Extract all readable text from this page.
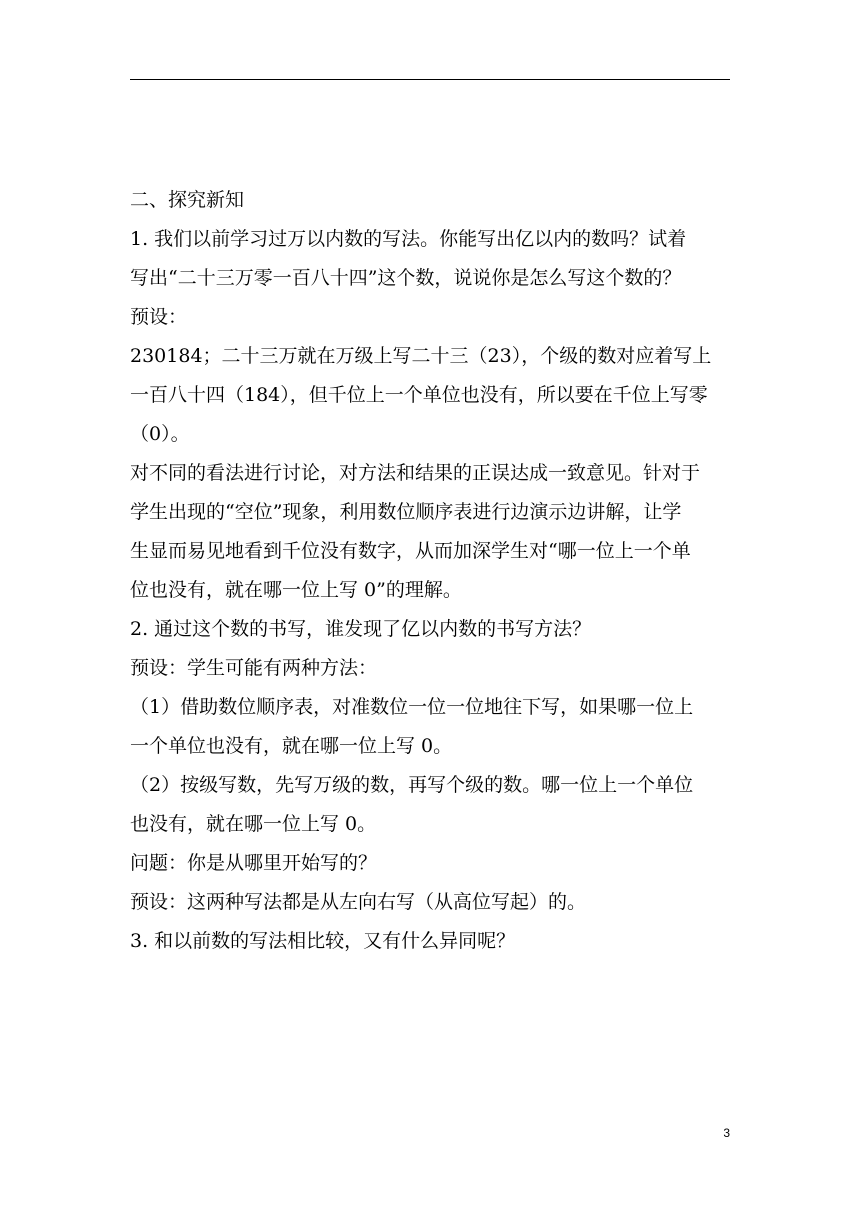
二、探究新知
1. 我们以前学习过万以内数的写法。你能写出亿以内的数吗？试着
写出“二十三万零一百八十四”这个数，说说你是怎么写这个数的？
预设：
230184；二十三万就在万级上写二十三（23），个级的数对应着写上
一百八十四（184），但千位上一个单位也没有，所以要在千位上写零
（0）。
对不同的看法进行讨论，对方法和结果的正误达成一致意见。针对于
学生出现的“空位”现象，利用数位顺序表进行边演示边讲解，让学
生显而易见地看到千位没有数字，从而加深学生对“哪一位上一个单
位也没有，就在哪一位上写 0”的理解。
2. 通过这个数的书写，谁发现了亿以内数的书写方法？
预设：学生可能有两种方法：
（1）借助数位顺序表，对准数位一位一位地往下写，如果哪一位上
一个单位也没有，就在哪一位上写 0。
（2）按级写数，先写万级的数，再写个级的数。哪一位上一个单位
也没有，就在哪一位上写 0。
问题：你是从哪里开始写的？
预设：这两种写法都是从左向右写（从高位写起）的。
3. 和以前数的写法相比较，又有什么异同呢？
3
